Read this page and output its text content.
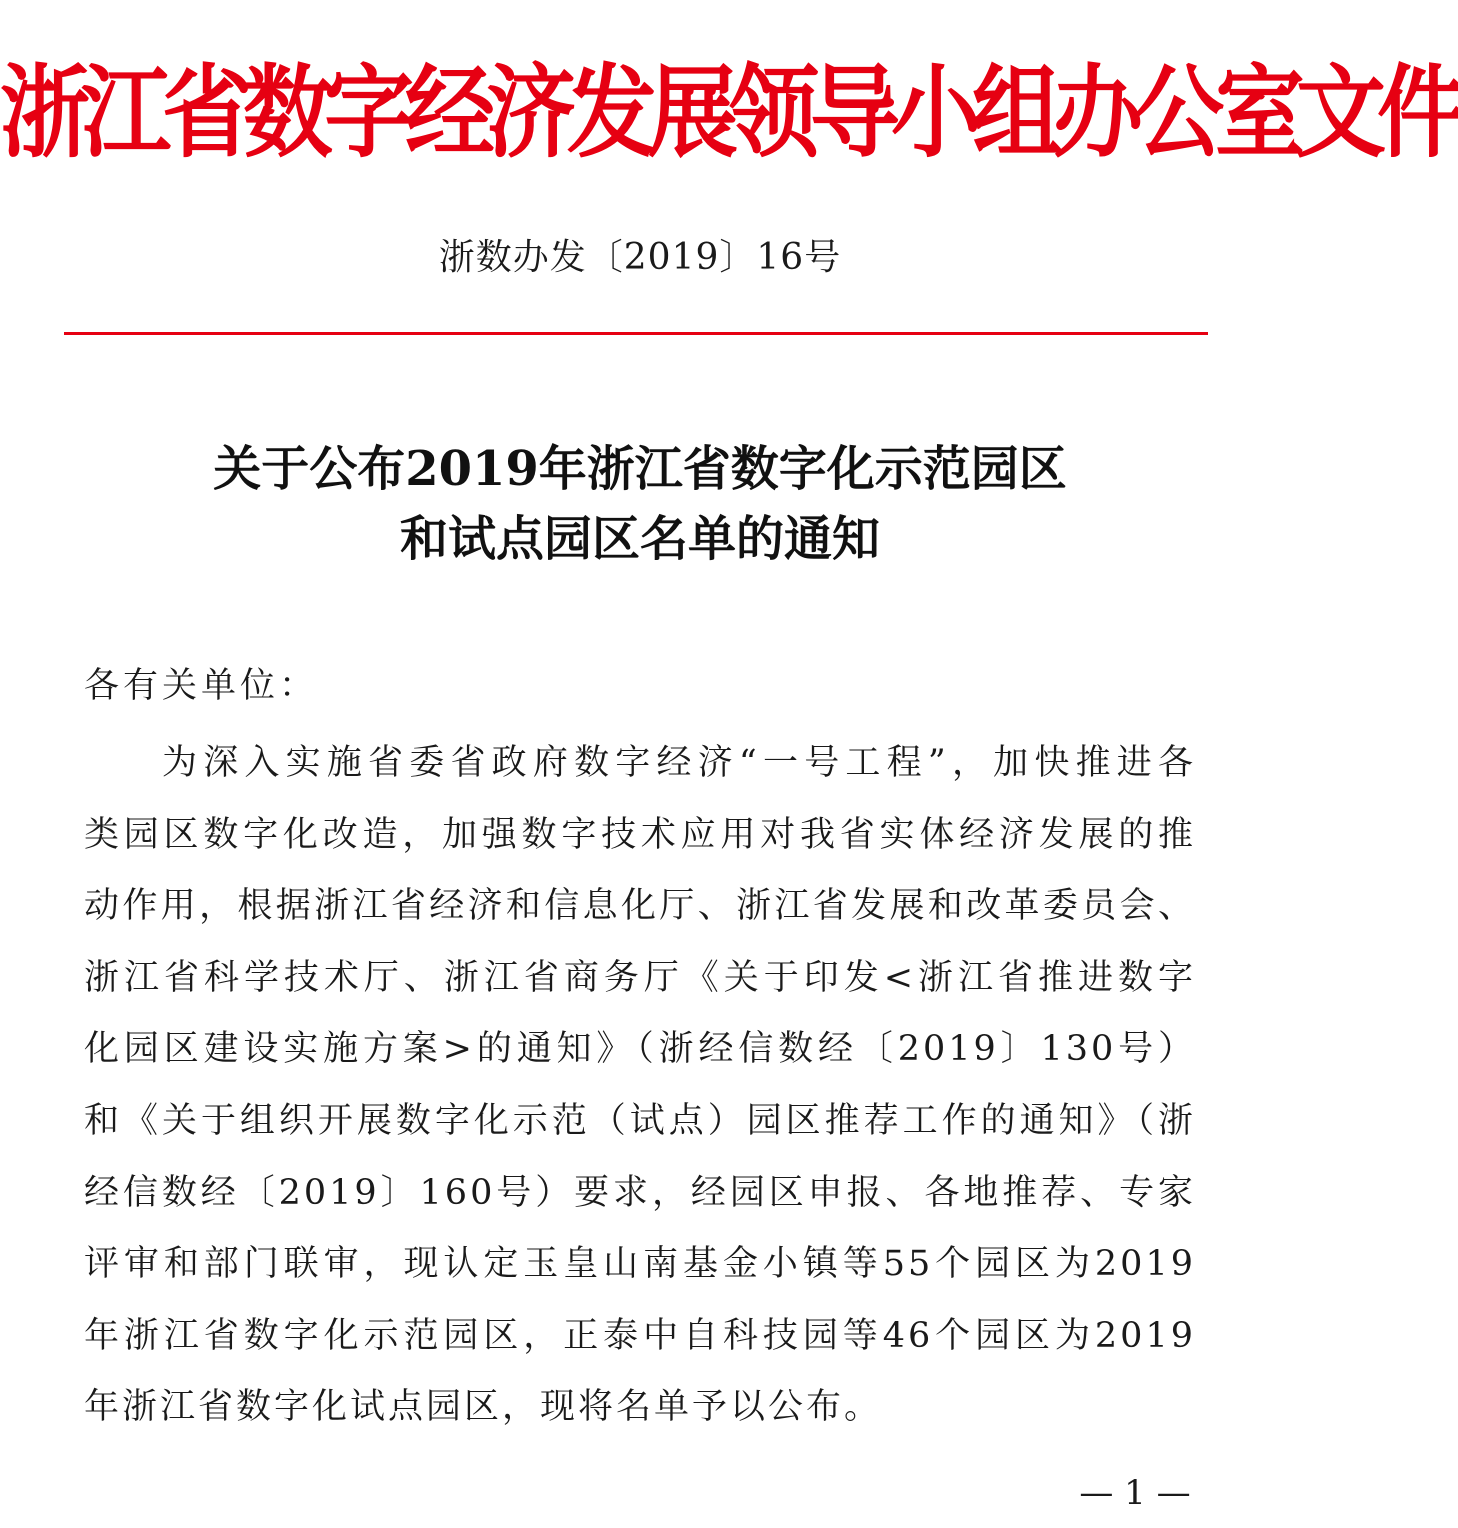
浙江省数字经济发展领导小组办公室文件
浙数办发〔2019〕16号
关于公布2019年浙江省数字化示范园区
和试点园区名单的通知
各有关单位：
为深入实施省委省政府数字经济“一号工程”，加快推进各
类园区数字化改造，加强数字技术应用对我省实体经济发展的推
动作用，根据浙江省经济和信息化厅、浙江省发展和改革委员会、
浙江省科学技术厅、浙江省商务厅《关于印发<浙江省推进数字
化园区建设实施方案>的通知》（浙经信数经〔2019〕130号）
和《关于组织开展数字化示范（试点）园区推荐工作的通知》（浙
经信数经〔2019〕160号）要求，经园区申报、各地推荐、专家
评审和部门联审，现认定玉皇山南基金小镇等55个园区为2019
年浙江省数字化示范园区，正泰中自科技园等46个园区为2019
年浙江省数字化试点园区，现将名单予以公布。
— 1 —
